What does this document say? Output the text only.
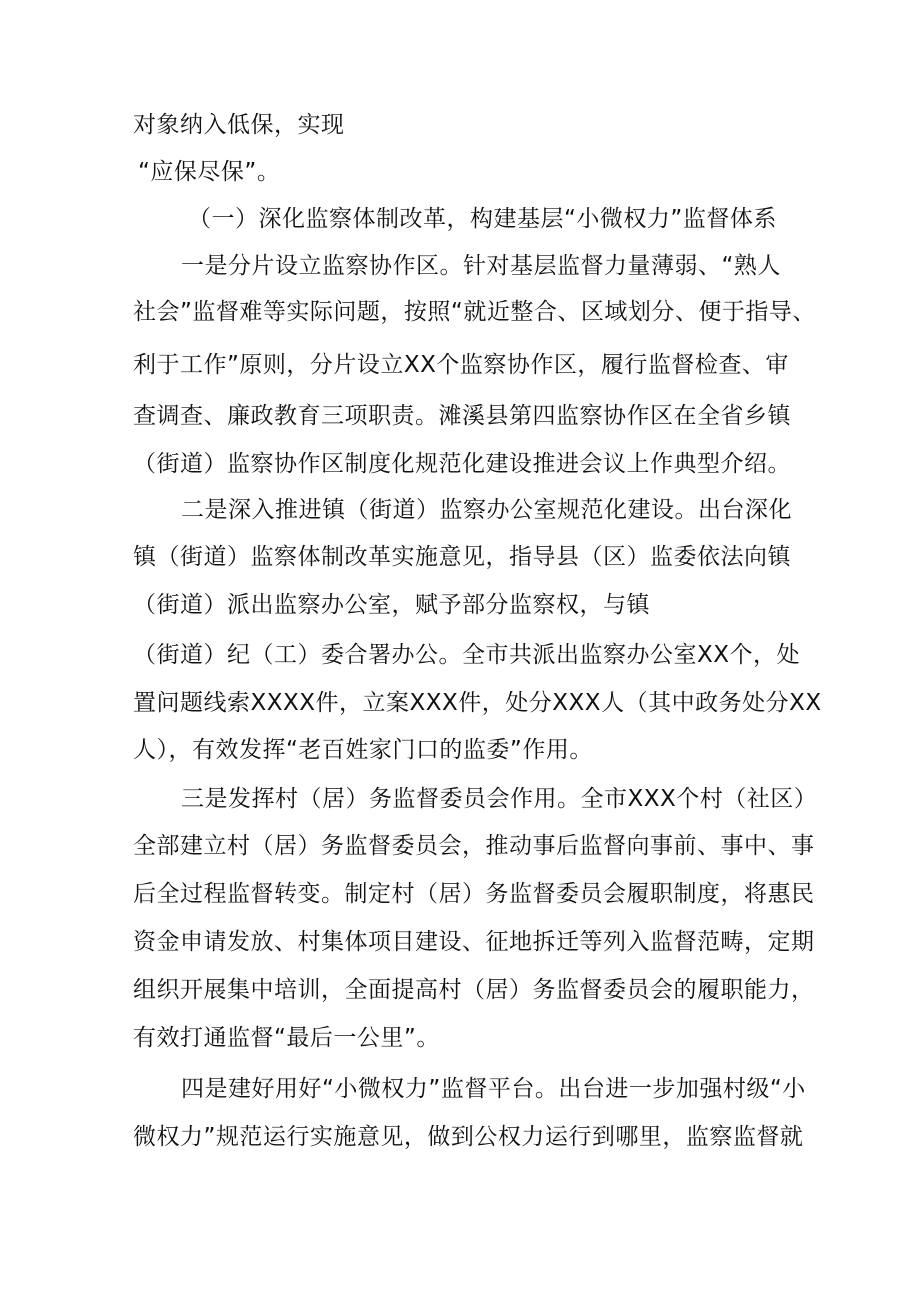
对象纳入低保，实现
“应保尽保”。
（一）深化监察体制改革，构建基层“小微权力”监督体系
一是分片设立监察协作区。针对基层监督力量薄弱、“熟人
社会”监督难等实际问题，按照“就近整合、区域划分、便于指导、
利于工作”原则，分片设立XX个监察协作区，履行监督检查、审
查调查、廉政教育三项职责。滩溪县第四监察协作区在全省乡镇
（街道）监察协作区制度化规范化建设推进会议上作典型介绍。
二是深入推进镇（街道）监察办公室规范化建设。出台深化
镇（街道）监察体制改革实施意见，指导县（区）监委依法向镇
（街道）派出监察办公室，赋予部分监察权，与镇
（街道）纪（工）委合署办公。全市共派出监察办公室XX个，处
置问题线索XXXX件，立案XXX件，处分XXX人（其中政务处分XX
人），有效发挥“老百姓家门口的监委”作用。
三是发挥村（居）务监督委员会作用。全市XXX个村（社区）
全部建立村（居）务监督委员会，推动事后监督向事前、事中、事
后全过程监督转变。制定村（居）务监督委员会履职制度，将惠民
资金申请发放、村集体项目建设、征地拆迁等列入监督范畴，定期
组织开展集中培训，全面提高村（居）务监督委员会的履职能力，
有效打通监督“最后一公里”。
四是建好用好“小微权力”监督平台。出台进一步加强村级“小
微权力”规范运行实施意见，做到公权力运行到哪里，监察监督就
